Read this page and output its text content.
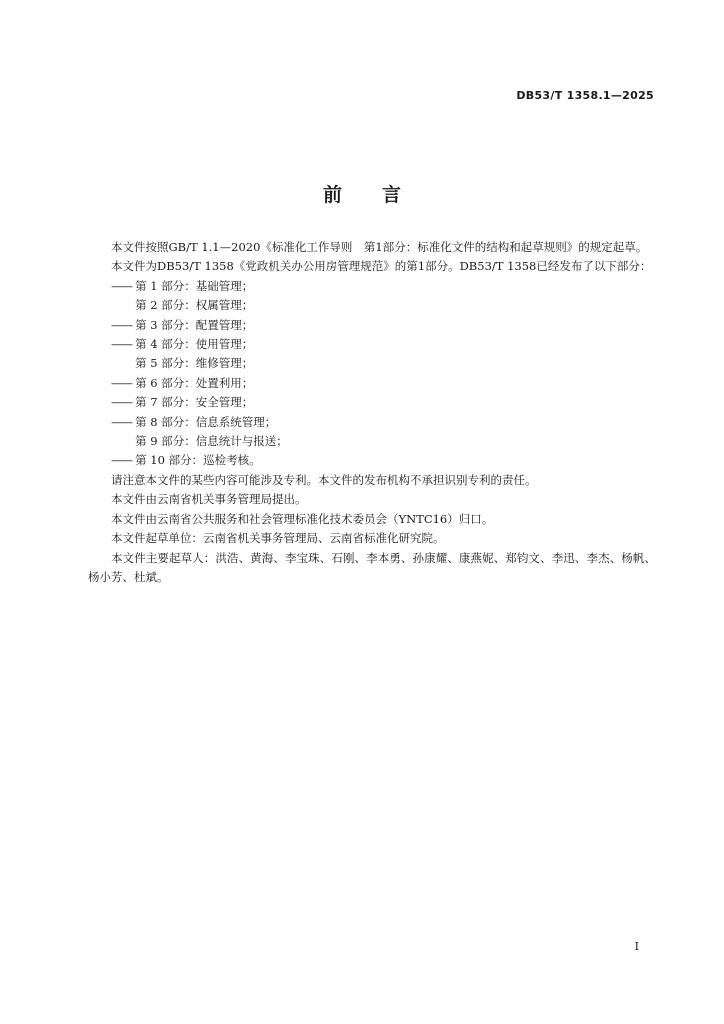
DB53/T 1358.1—2025
前 言

本文件按照GB/T 1.1—2020《标准化工作导则　第1部分：标准化文件的结构和起草规则》的规定起草。

本文件为DB53/T 1358《党政机关办公用房管理规范》的第1部分。DB53/T 1358已经发布了以下部分：

—— 第 1 部分：基础管理；

第 2 部分：权属管理；

—— 第 3 部分：配置管理；

—— 第 4 部分：使用管理；

第 5 部分：维修管理；

—— 第 6 部分：处置利用；

—— 第 7 部分：安全管理；

—— 第 8 部分：信息系统管理；

第 9 部分：信息统计与报送；

—— 第 10 部分：巡检考核。

请注意本文件的某些内容可能涉及专利。本文件的发布机构不承担识别专利的责任。

本文件由云南省机关事务管理局提出。

本文件由云南省公共服务和社会管理标准化技术委员会（YNTC16）归口。

本文件起草单位：云南省机关事务管理局、云南省标准化研究院。

本文件主要起草人：洪浩、黄海、李宝珠、石刚、李本勇、孙康耀、康燕妮、郑钧文、李迅、李杰、杨帆、杨小芳、杜斌。

I
